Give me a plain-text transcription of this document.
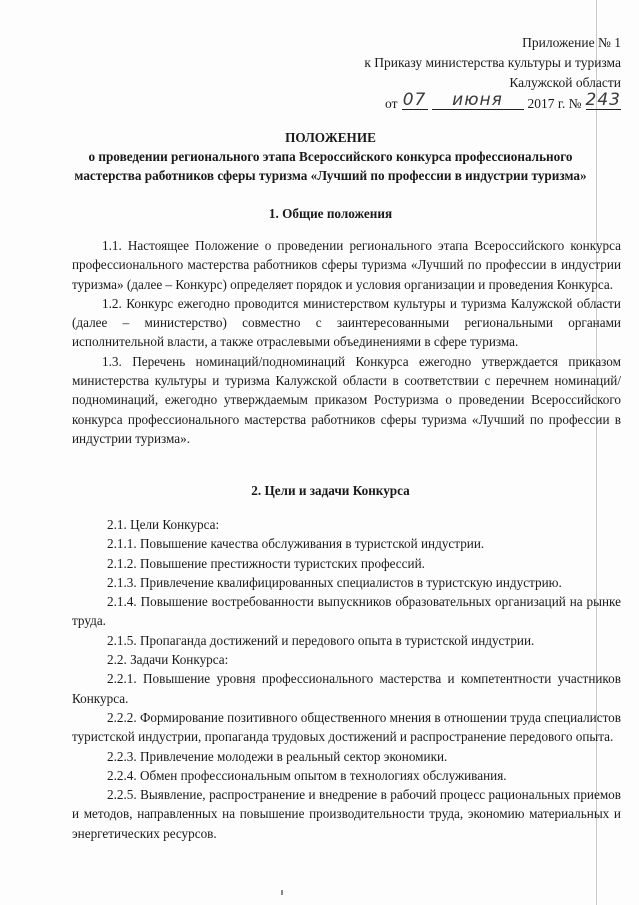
Приложение № 1
к Приказу министерства культуры и туризма
Калужской области
от 07	июня	2017 г. № 243
ПОЛОЖЕНИЕ
о проведении регионального этапа Всероссийского конкурса профессионального
мастерства работников сферы туризма «Лучший по профессии в индустрии туризма»
1. Общие положения

1.1. Настоящее Положение о проведении регионального этапа Всероссийского конкурса профессионального мастерства работников сферы туризма «Лучший по профессии в индустрии туризма» (далее – Конкурс) определяет порядок и условия организации и проведения Конкурса.

1.2. Конкурс ежегодно проводится министерством культуры и туризма Калужской области (далее – министерство) совместно с заинтересованными региональными органами исполнительной власти, а также отраслевыми объединениями в сфере туризма.

1.3. Перечень номинаций/подноминаций Конкурса ежегодно утверждается приказом министерства культуры и туризма Калужской области в соответствии с перечнем номинаций/подноминаций, ежегодно утверждаемым приказом Ростуризма о проведении Всероссийского конкурса профессионального мастерства работников сферы туризма «Лучший по профессии в индустрии туризма».

2. Цели и задачи Конкурса

2.1. Цели Конкурса:

2.1.1. Повышение качества обслуживания в туристской индустрии.

2.1.2. Повышение престижности туристских профессий.

2.1.3. Привлечение квалифицированных специалистов в туристскую индустрию.

2.1.4. Повышение востребованности выпускников образовательных организаций на рынке труда.

2.1.5. Пропаганда достижений и передового опыта в туристской индустрии.

2.2. Задачи Конкурса:

2.2.1. Повышение уровня профессионального мастерства и компетентности участников Конкурса.

2.2.2. Формирование позитивного общественного мнения в отношении труда специалистов туристской индустрии, пропаганда трудовых достижений и распространение передового опыта.

2.2.3. Привлечение молодежи в реальный сектор экономики.

2.2.4. Обмен профессиональным опытом в технологиях обслуживания.

2.2.5. Выявление, распространение и внедрение в рабочий процесс рациональных приемов и методов, направленных на повышение производительности труда, экономию материальных и энергетических ресурсов.
